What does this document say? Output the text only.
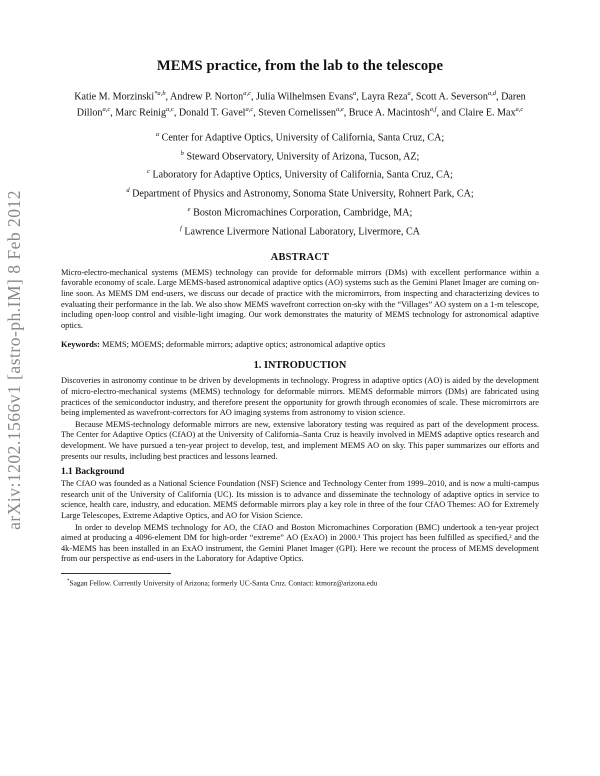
arXiv:1202.1566v1 [astro-ph.IM] 8 Feb 2012
MEMS practice, from the lab to the telescope
Katie M. Morzinski$^{*a,b}$, Andrew P. Norton$^{a,c}$, Julia Wilhelmsen Evans$^a$, Layra Reza$^a$, Scott A. Severson$^{a,d}$, Daren Dillon$^{a,c}$, Marc Reinig$^{a,c}$, Donald T. Gavel$^{a,c}$, Steven Cornelissen$^{a,e}$, Bruce A. Macintosh$^{a,f}$, and Claire E. Max$^{a,c}$
$^a$ Center for Adaptive Optics, University of California, Santa Cruz, CA;
$^b$ Steward Observatory, University of Arizona, Tucson, AZ;
$^c$ Laboratory for Adaptive Optics, University of California, Santa Cruz, CA;
$^d$ Department of Physics and Astronomy, Sonoma State University, Rohnert Park, CA;
$^e$ Boston Micromachines Corporation, Cambridge, MA;
$^f$ Lawrence Livermore National Laboratory, Livermore, CA
ABSTRACT

Micro-electro-mechanical systems (MEMS) technology can provide for deformable mirrors (DMs) with excellent performance within a favorable economy of scale. Large MEMS-based astronomical adaptive optics (AO) systems such as the Gemini Planet Imager are coming on-line soon. As MEMS DM end-users, we discuss our decade of practice with the micromirrors, from inspecting and characterizing devices to evaluating their performance in the lab. We also show MEMS wavefront correction on-sky with the “Villages” AO system on a 1-m telescope, including open-loop control and visible-light imaging. Our work demonstrates the maturity of MEMS technology for astronomical adaptive optics.

Keywords: MEMS; MOEMS; deformable mirrors; adaptive optics; astronomical adaptive optics

1. INTRODUCTION

Discoveries in astronomy continue to be driven by developments in technology. Progress in adaptive optics (AO) is aided by the development of micro-electro-mechanical systems (MEMS) technology for deformable mirrors. MEMS deformable mirrors (DMs) are fabricated using practices of the semiconductor industry, and therefore present the opportunity for growth through economies of scale. These micromirrors are being implemented as wavefront-correctors for AO imaging systems from astronomy to vision science.

Because MEMS-technology deformable mirrors are new, extensive laboratory testing was required as part of the development process. The Center for Adaptive Optics (CfAO) at the University of California–Santa Cruz is heavily involved in MEMS adaptive optics research and development. We have pursued a ten-year project to develop, test, and implement MEMS AO on sky. This paper summarizes our efforts and presents our results, including best practices and lessons learned.

1.1 Background

The CfAO was founded as a National Science Foundation (NSF) Science and Technology Center from 1999–2010, and is now a multi-campus research unit of the University of California (UC). Its mission is to advance and disseminate the technology of adaptive optics in service to science, health care, industry, and education. MEMS deformable mirrors play a key role in three of the four CfAO Themes: AO for Extremely Large Telescopes, Extreme Adaptive Optics, and AO for Vision Science.

In order to develop MEMS technology for AO, the CfAO and Boston Micromachines Corporation (BMC) undertook a ten-year project aimed at producing a 4096-element DM for high-order “extreme” AO (ExAO) in 2000.¹ This project has been fulfilled as specified,² and the 4k-MEMS has been installed in an ExAO instrument, the Gemini Planet Imager (GPI). Here we recount the process of MEMS development from our perspective as end-users in the Laboratory for Adaptive Optics.

*Sagan Fellow. Currently University of Arizona; formerly UC-Santa Cruz. Contact: ktmorz@arizona.edu
